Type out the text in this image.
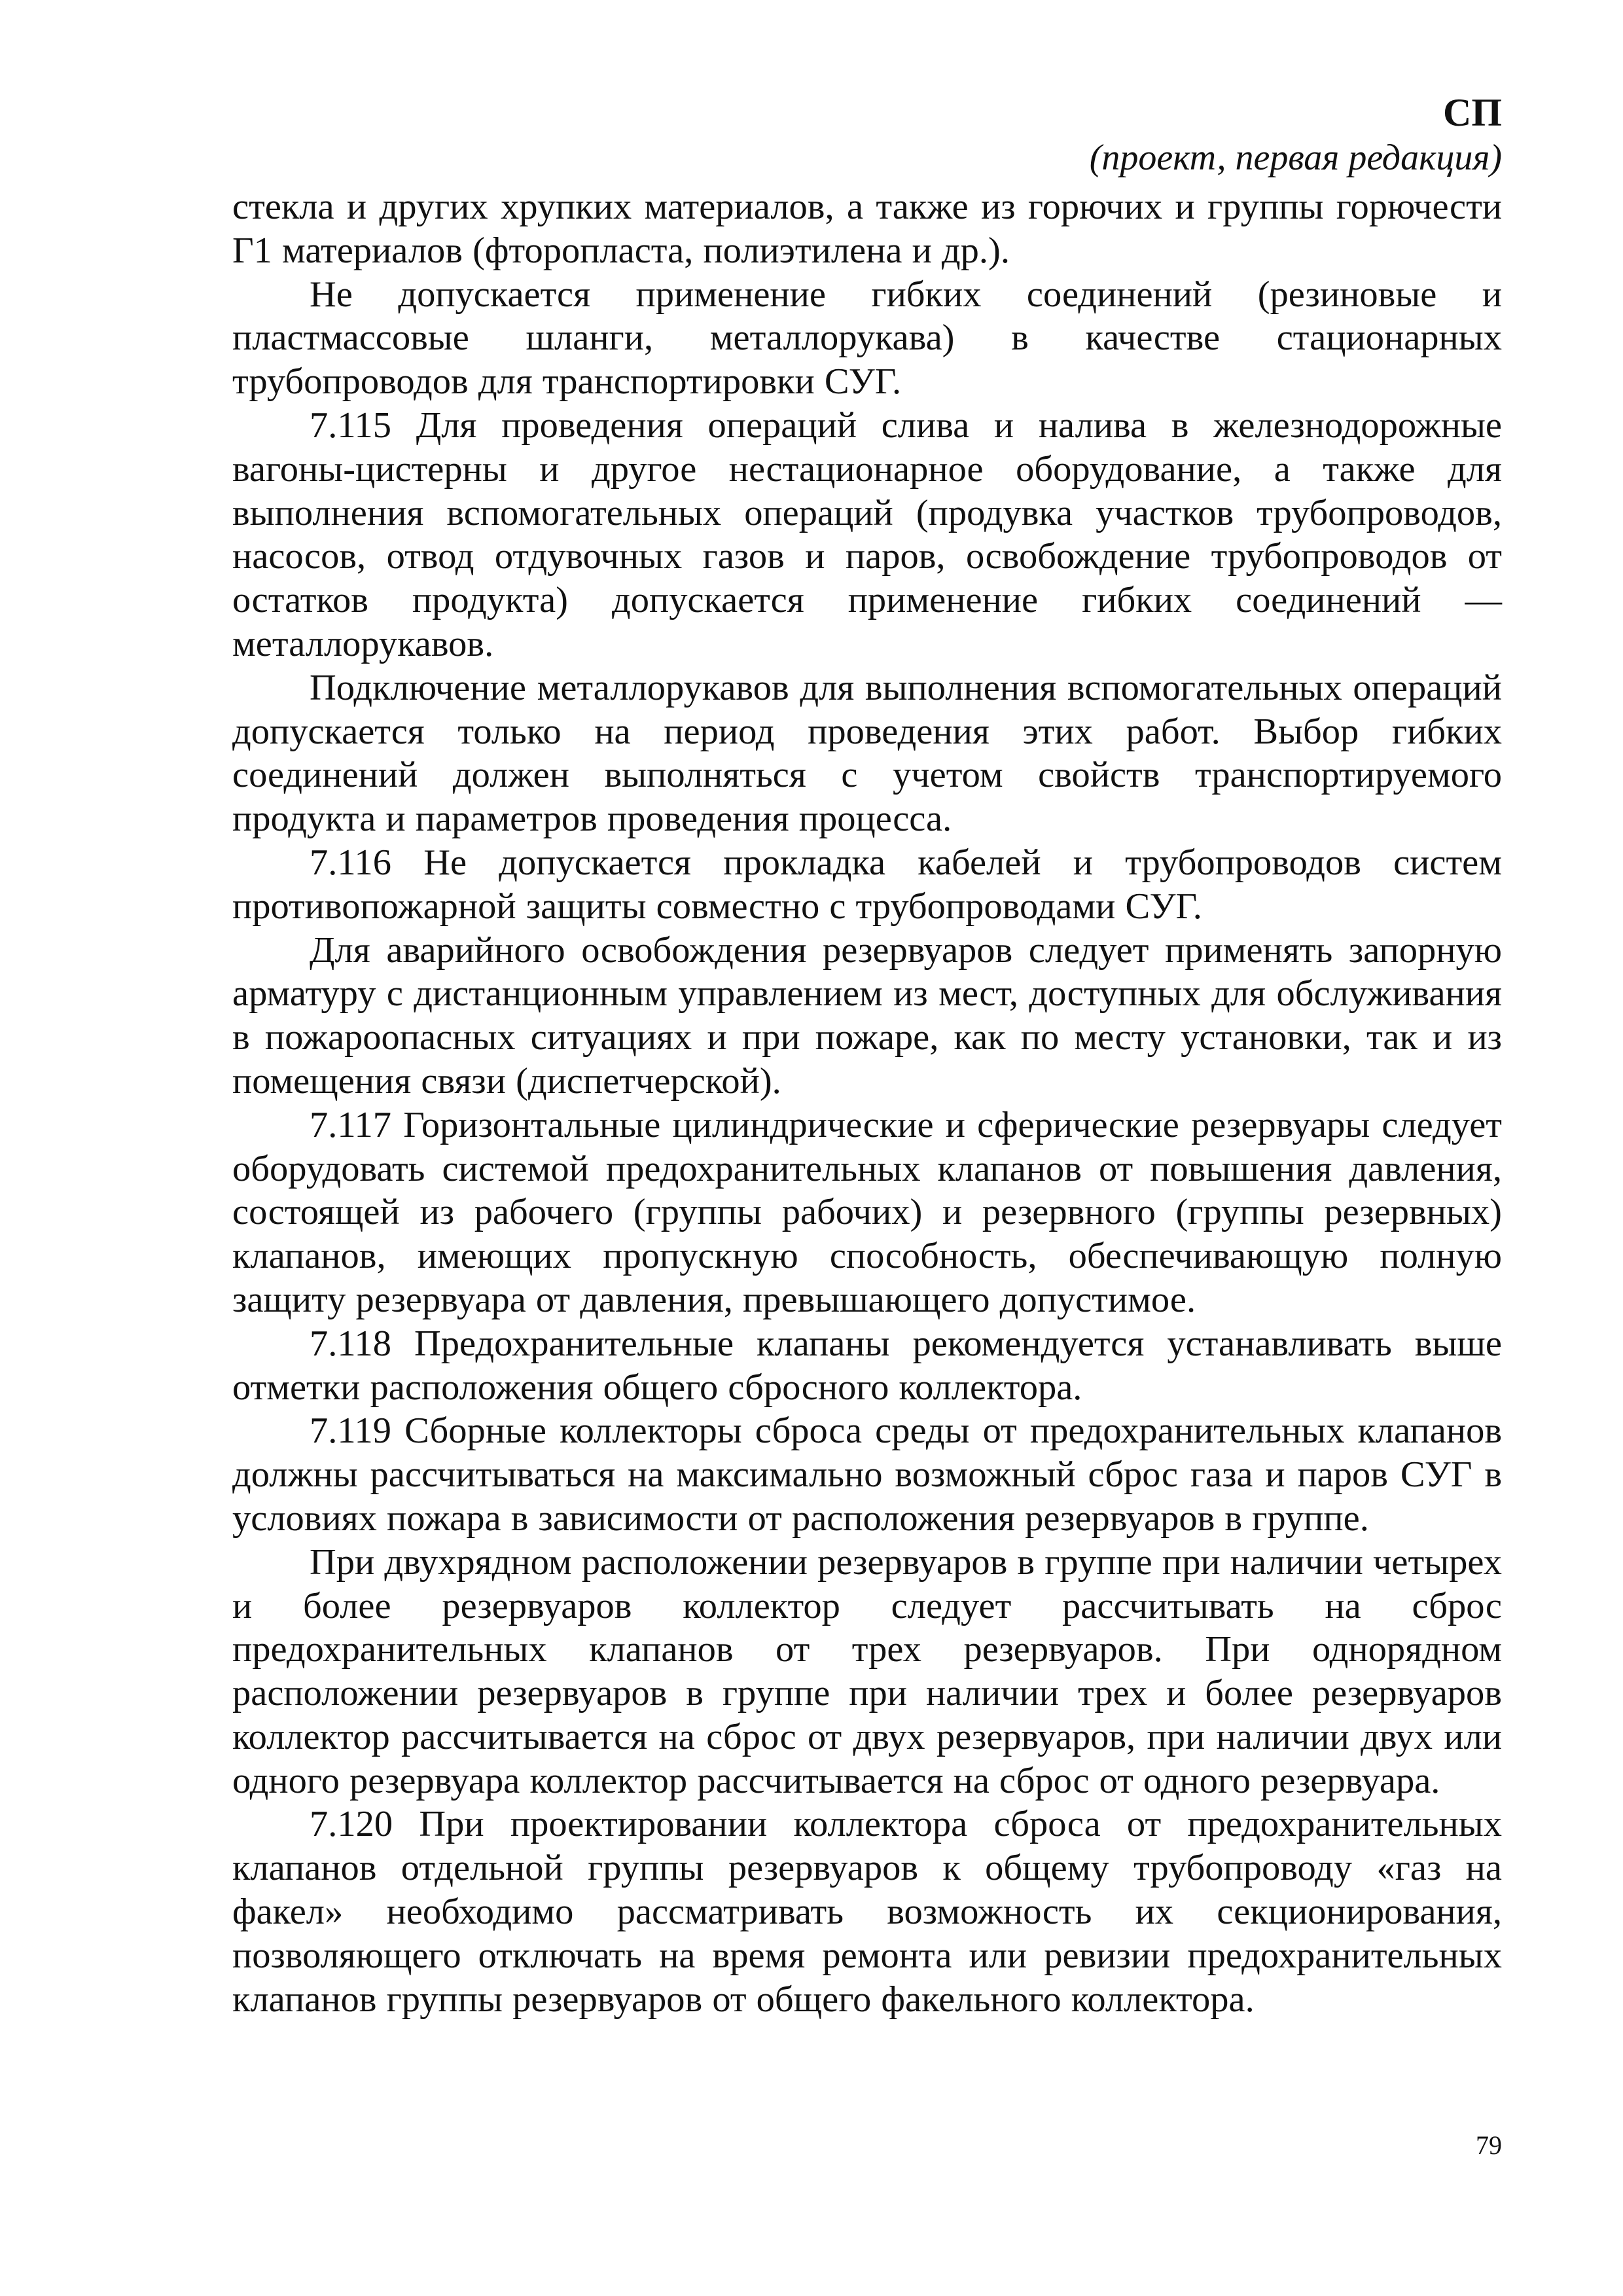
СП
(проект, первая редакция)

стекла и других хрупких материалов, а также из горючих и группы горючести Г1 материалов (фторопласта, полиэтилена и др.).

Не допускается применение гибких соединений (резиновые и пластмассовые шланги, металлорукава) в качестве стационарных трубопроводов для транспортировки СУГ.

7.115 Для проведения операций слива и налива в железнодорожные вагоны-цистерны и другое нестационарное оборудование, а также для выполнения вспомогательных операций (продувка участков трубопроводов, насосов, отвод отдувочных газов и паров, освобождение трубопроводов от остатков продукта) допускается применение гибких соединений — металлорукавов.

Подключение металлорукавов для выполнения вспомогательных операций допускается только на период проведения этих работ. Выбор гибких соединений должен выполняться с учетом свойств транспортируемого продукта и параметров проведения процесса.

7.116 Не допускается прокладка кабелей и трубопроводов систем противопожарной защиты совместно с трубопроводами СУГ.

Для аварийного освобождения резервуаров следует применять запорную арматуру с дистанционным управлением из мест, доступных для обслуживания в пожароопасных ситуациях и при пожаре, как по месту установки, так и из помещения связи (диспетчерской).

7.117 Горизонтальные цилиндрические и сферические резервуары следует оборудовать системой предохранительных клапанов от повышения давления, состоящей из рабочего (группы рабочих) и резервного (группы резервных) клапанов, имеющих пропускную способность, обеспечивающую полную защиту резервуара от давления, превышающего допустимое.

7.118 Предохранительные клапаны рекомендуется устанавливать выше отметки расположения общего сбросного коллектора.

7.119 Сборные коллекторы сброса среды от предохранительных клапанов должны рассчитываться на максимально возможный сброс газа и паров СУГ в условиях пожара в зависимости от расположения резервуаров в группе.

При двухрядном расположении резервуаров в группе при наличии четырех и более резервуаров коллектор следует рассчитывать на сброс предохранительных клапанов от трех резервуаров. При однорядном расположении резервуаров в группе при наличии трех и более резервуаров коллектор рассчитывается на сброс от двух резервуаров, при наличии двух или одного резервуара коллектор рассчитывается на сброс от одного резервуара.

7.120 При проектировании коллектора сброса от предохранительных клапанов отдельной группы резервуаров к общему трубопроводу «газ на факел» необходимо рассматривать возможность их секционирования, позволяющего отключать на время ремонта или ревизии предохранительных клапанов группы резервуаров от общего факельного коллектора.

79
